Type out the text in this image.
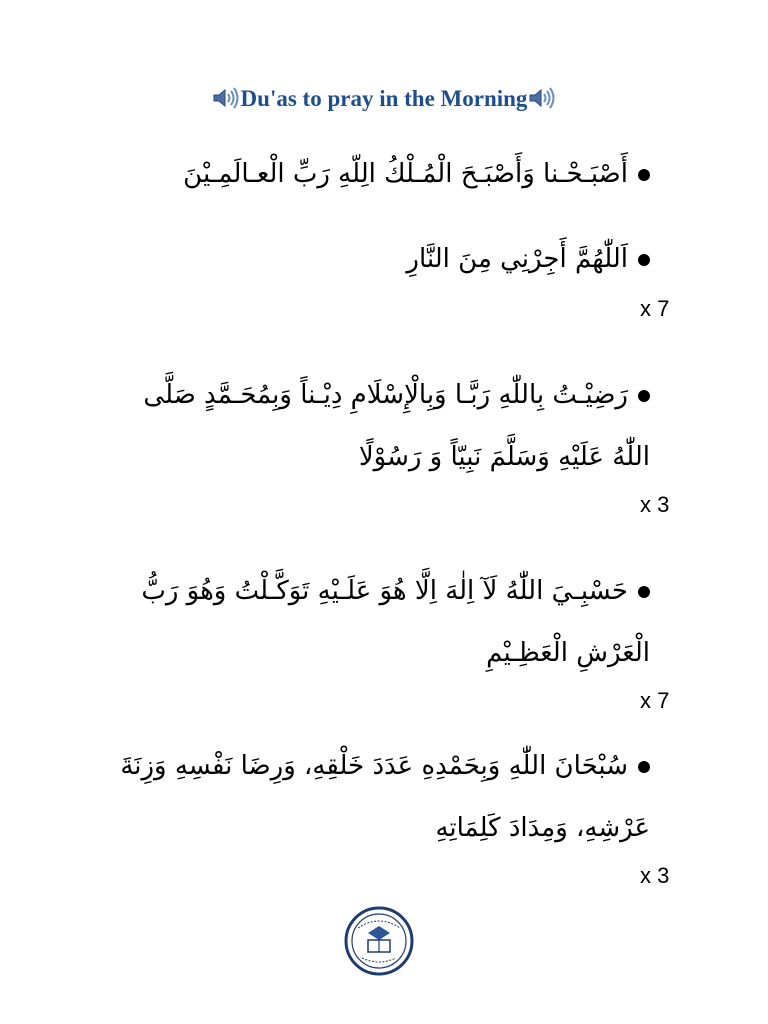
Du'as to pray in the Morning
أَصْبَـحْـنا وَأَصْبَـحَ الْمُـلْكُ الِلّهِ رَبِّ الْعـالَمِـيْنَ
اَللّٰهُمَّ أَجِرْنِي مِنَ النَّارِ
x 7
رَضِيْـتُ بِاللّٰهِ رَبَّـا وَبِالْإِسْلَامِ دِيْـناً وَبِمُحَـمَّدٍ صَلَّى اللّٰهُ عَلَيْهِ وَسَلَّمَ نَبِيّاً وَ رَسُوْلًا
x 3
حَسْبِـيَ اللّٰهُ لَآ اِلٰهَ اِلَّا هُوَ عَلَـيْهِ تَوَكَّـلْتُ وَهُوَ رَبُّ الْعَرْشِ الْعَظِـيْمِ
x 7
سُبْحَانَ اللّٰهِ وَبِحَمْدِهِ عَدَدَ خَلْقِهِ، وَرِضَا نَفْسِهِ وَزِنَةَ عَرْشِهِ، وَمِدَادَ كَلِمَاتِهِ
x 3
